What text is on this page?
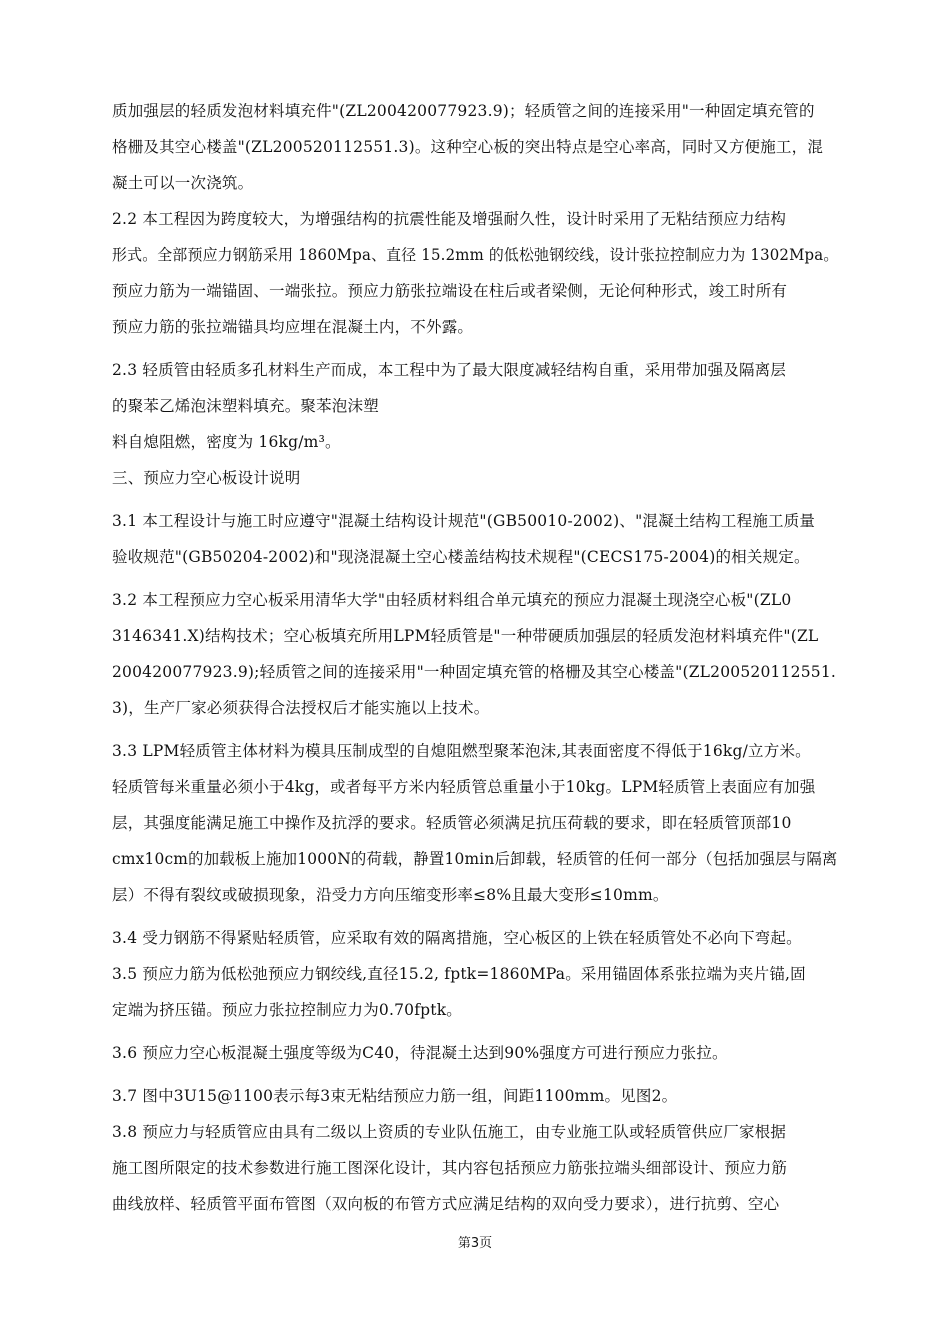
质加强层的轻质发泡材料填充件"(ZL200420077923.9)；轻质管之间的连接采用"一种固定填充管的
格栅及其空心楼盖"(ZL200520112551.3)。这种空心板的突出特点是空心率高，同时又方便施工，混
凝土可以一次浇筑。
2.2 本工程因为跨度较大，为增强结构的抗震性能及增强耐久性，设计时采用了无粘结预应力结构
形式。全部预应力钢筋采用 1860Mpa、直径 15.2mm 的低松弛钢绞线，设计张拉控制应力为 1302Mpa。
预应力筋为一端锚固、一端张拉。预应力筋张拉端设在柱后或者梁侧，无论何种形式，竣工时所有
预应力筋的张拉端锚具均应埋在混凝土内，不外露。
2.3 轻质管由轻质多孔材料生产而成，本工程中为了最大限度减轻结构自重，采用带加强及隔离层
的聚苯乙烯泡沫塑料填充。聚苯泡沫塑
料自熄阻燃，密度为 16kg/m³。
三、预应力空心板设计说明
3.1 本工程设计与施工时应遵守"混凝土结构设计规范"(GB50010-2002)、"混凝土结构工程施工质量
验收规范"(GB50204-2002)和"现浇混凝土空心楼盖结构技术规程"(CECS175-2004)的相关规定。
3.2 本工程预应力空心板采用清华大学"由轻质材料组合单元填充的预应力混凝土现浇空心板"(ZL0
3146341.X)结构技术；空心板填充所用LPM轻质管是"一种带硬质加强层的轻质发泡材料填充件"(ZL
200420077923.9);轻质管之间的连接采用"一种固定填充管的格栅及其空心楼盖"(ZL200520112551.
3)，生产厂家必须获得合法授权后才能实施以上技术。
3.3 LPM轻质管主体材料为模具压制成型的自熄阻燃型聚苯泡沫,其表面密度不得低于16kg/立方米。
轻质管每米重量必须小于4kg，或者每平方米内轻质管总重量小于10kg。LPM轻质管上表面应有加强
层，其强度能满足施工中操作及抗浮的要求。轻质管必须满足抗压荷载的要求，即在轻质管顶部10
cmx10cm的加载板上施加1000N的荷载，静置10min后卸载，轻质管的任何一部分（包括加强层与隔离
层）不得有裂纹或破损现象，沿受力方向压缩变形率≤8%且最大变形≤10mm。
3.4 受力钢筋不得紧贴轻质管，应采取有效的隔离措施，空心板区的上铁在轻质管处不必向下弯起。
3.5 预应力筋为低松弛预应力钢绞线,直径15.2, fptk=1860MPa。采用锚固体系张拉端为夹片锚,固
定端为挤压锚。预应力张拉控制应力为0.70fptk。
3.6 预应力空心板混凝土强度等级为C40，待混凝土达到90%强度方可进行预应力张拉。
3.7 图中3U15@1100表示每3束无粘结预应力筋一组，间距1100mm。见图2。
3.8 预应力与轻质管应由具有二级以上资质的专业队伍施工，由专业施工队或轻质管供应厂家根据
施工图所限定的技术参数进行施工图深化设计，其内容包括预应力筋张拉端头细部设计、预应力筋
曲线放样、轻质管平面布管图（双向板的布管方式应满足结构的双向受力要求），进行抗剪、空心
第3页
